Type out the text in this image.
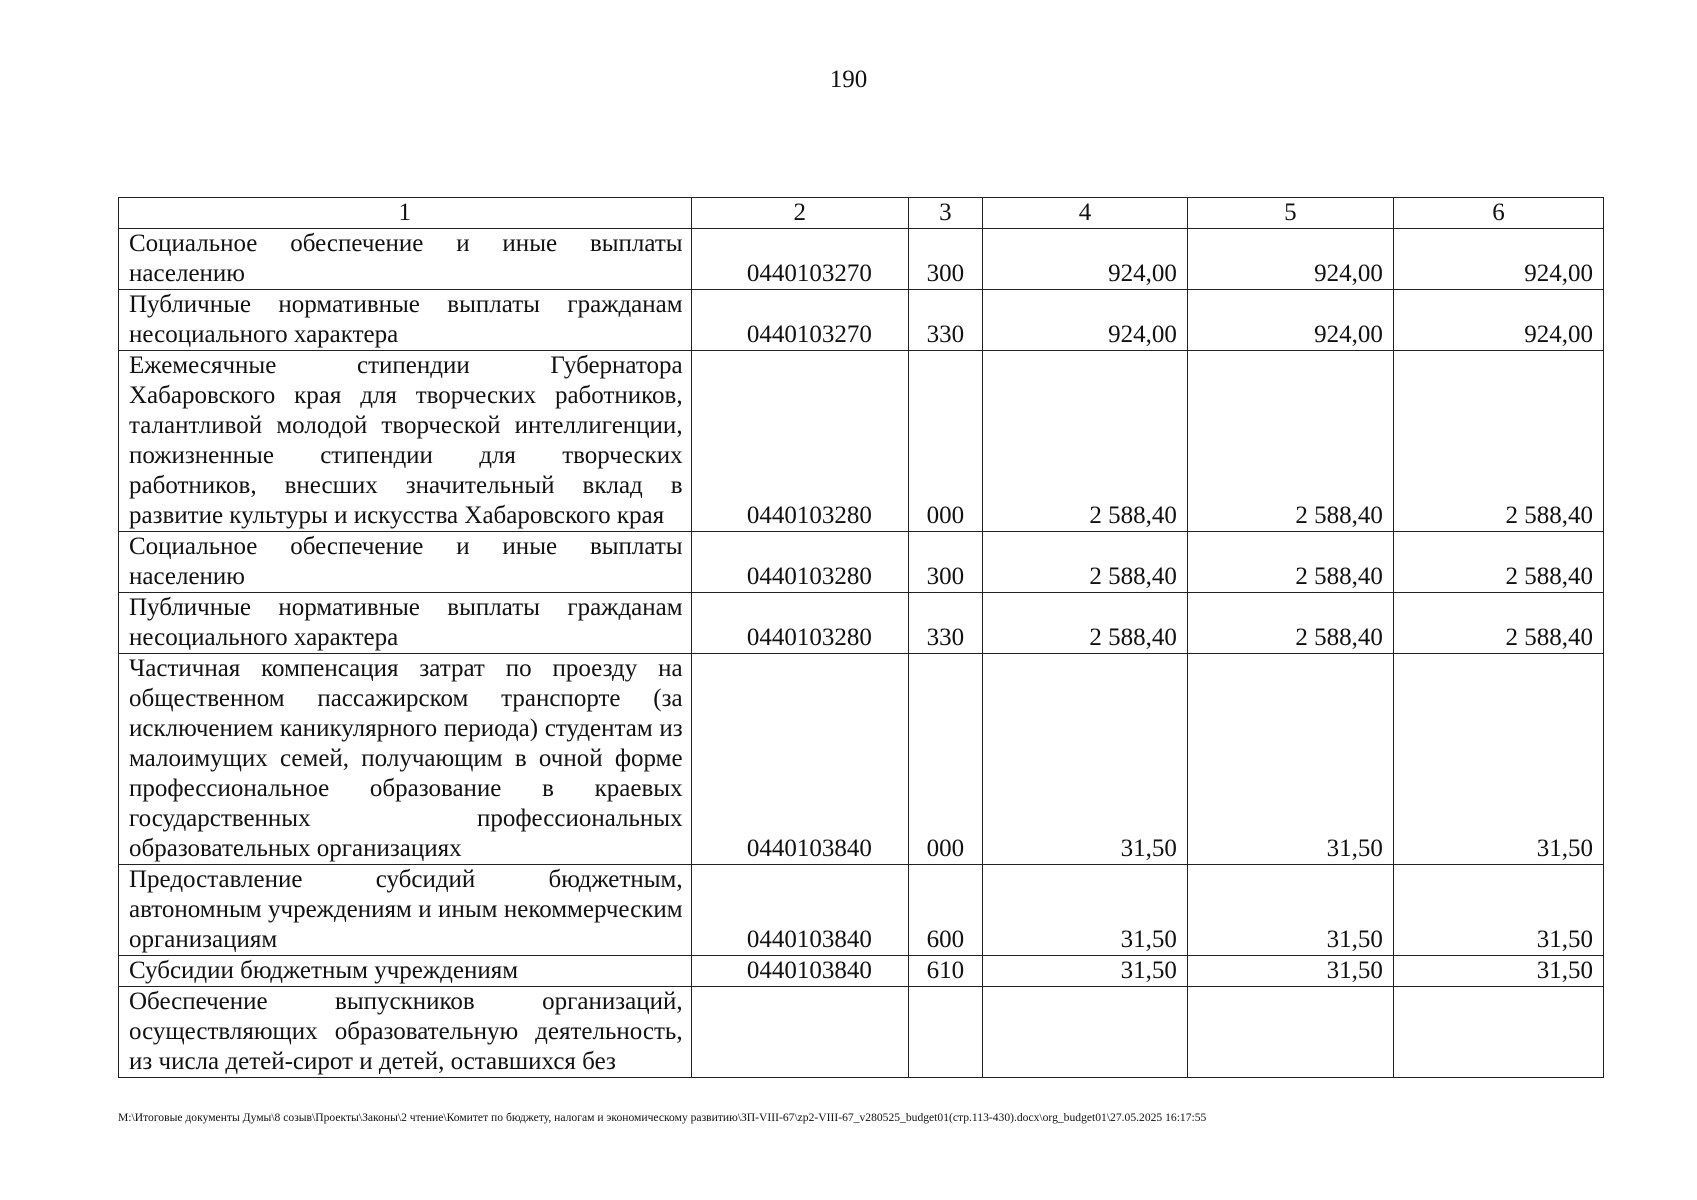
190
1	2	3	4	5	6
Социальное обеспечение и иные выплаты населению	0440103270	300	924,00	924,00	924,00
Публичные нормативные выплаты гражданам несоциального характера	0440103270	330	924,00	924,00	924,00
Ежемесячные стипендии Губернатора Хабаровского края для творческих работников, талантливой молодой творческой интеллигенции, пожизненные стипендии для творческих работников, внесших значительный вклад в развитие культуры и искусства Хабаровского края	0440103280	000	2 588,40	2 588,40	2 588,40
Социальное обеспечение и иные выплаты населению	0440103280	300	2 588,40	2 588,40	2 588,40
Публичные нормативные выплаты гражданам несоциального характера	0440103280	330	2 588,40	2 588,40	2 588,40
Частичная компенсация затрат по проезду на общественном пассажирском транспорте (за исключением каникулярного периода) студентам из малоимущих семей, получающим в очной форме профессиональное образование в краевых государственных профессиональных образовательных организациях	0440103840	000	31,50	31,50	31,50
Предоставление субсидий бюджетным, автономным учреждениям и иным некоммерческим организациям	0440103840	600	31,50	31,50	31,50
Субсидии бюджетным учреждениям	0440103840	610	31,50	31,50	31,50
Обеспечение выпускников организаций, осуществляющих образовательную деятельность, из числа детей-сирот и детей, оставшихся без					
М:\Итоговые документы Думы\8 созыв\Проекты\Законы\2 чтение\Комитет по бюджету, налогам и экономическому развитию\ЗП-VIII-67\zp2-VIII-67_v280525_budget01(стр.113-430).docx\org_budget01\27.05.2025 16:17:55
